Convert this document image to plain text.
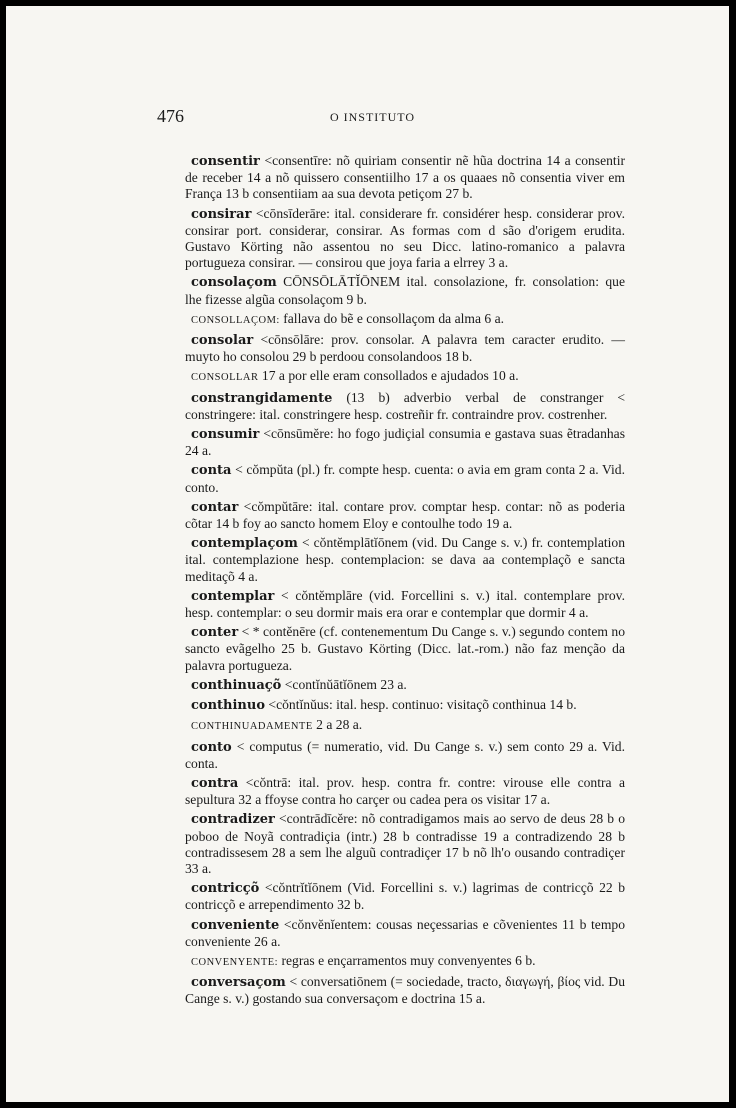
476	O INSTITUTO

consentir <consentīre: nõ quiriam consentir nẽ hũa doctrina 14 a consentir de receber 14 a nõ quissero consentiilho 17 a os quaaes nõ consentia viver em França 13 b consentiiam aa sua devota petiçom 27 b.

consirar <cōnsīderāre: ital. considerare fr. considérer hesp. considerar prov. consirar port. considerar, consirar. As formas com d são d'origem erudita. Gustavo Körting não assentou no seu Dicc. latino-romanico a palavra portugueza consirar. — consirou que joya faria a elrrey 3 a.

consolaçom CŌNSŌLĀTĬŌNEM ital. consolazione, fr. consolation: que lhe fizesse algũa consolaçom 9 b.

CONSOLLAÇOM: fallava do bẽ e consollaçom da alma 6 a.

consolar <cōnsōlāre: prov. consolar. A palavra tem caracter erudito. — muyto ho consolou 29 b perdoou consolandoos 18 b.

CONSOLLAR 17 a por elle eram consollados e ajudados 10 a.

constrangidamente (13 b) adverbio verbal de constranger < constringere: ital. constringere hesp. costreñir fr. contraindre prov. costrenher.

consumir <cōnsūmĕre: ho fogo judiçial consumia e gastava suas ẽtradanhas 24 a.

conta < cŏmpŭta (pl.) fr. compte hesp. cuenta: o avia em gram conta 2 a. Vid. conto.

contar <cŏmpŭtāre: ital. contare prov. comptar hesp. contar: nõ as poderia cõtar 14 b foy ao sancto homem Eloy e contoulhe todo 19 a.

contemplaçom < cŏntĕmplātĭōnem (vid. Du Cange s. v.) fr. contemplation ital. contemplazione hesp. contemplacion: se dava aa contemplaçõ e sancta meditaçõ 4 a.

contemplar < cŏntĕmplāre (vid. Forcellini s. v.) ital. contemplare prov. hesp. contemplar: o seu dormir mais era orar e contemplar que dormir 4 a.

conter < * contĕnēre (cf. contenementum Du Cange s. v.) segundo contem no sancto evãgelho 25 b. Gustavo Körting (Dicc. lat.-rom.) não faz menção da palavra portugueza.

conthinuaçõ <contĭnŭātĭōnem 23 a.

conthinuo <cŏntĭnŭus: ital. hesp. continuo: visitaçõ conthinua 14 b.

CONTHINUADAMENTE 2 a 28 a.

conto < computus (= numeratio, vid. Du Cange s. v.) sem conto 29 a. Vid. conta.

contra <cŏntrā: ital. prov. hesp. contra fr. contre: virouse elle contra a sepultura 32 a ffoyse contra ho carçer ou cadea pera os visitar 17 a.

contradizer <contrādīcĕre: nõ contradigamos mais ao servo de deus 28 b o poboo de Noyã contradiçia (intr.) 28 b contradisse 19 a contradizendo 28 b contradissesem 28 a sem lhe alguũ contradiçer 17 b nõ lh'o ousando contradiçer 33 a.

contricçõ <cŏntrĭtĭōnem (Vid. Forcellini s. v.) lagrimas de contricçõ 22 b contricçõ e arrependimento 32 b.

conveniente <cŏnvĕnĭentem: cousas neçessarias e cõvenientes 11 b tempo conveniente 26 a.

CONVENYENTE: regras e ençarramentos muy convenyentes 6 b.

conversaçom < conversatiōnem (= sociedade, tracto, διαγωγή, βίος vid. Du Cange s. v.) gostando sua conversaçom e doctrina 15 a.
